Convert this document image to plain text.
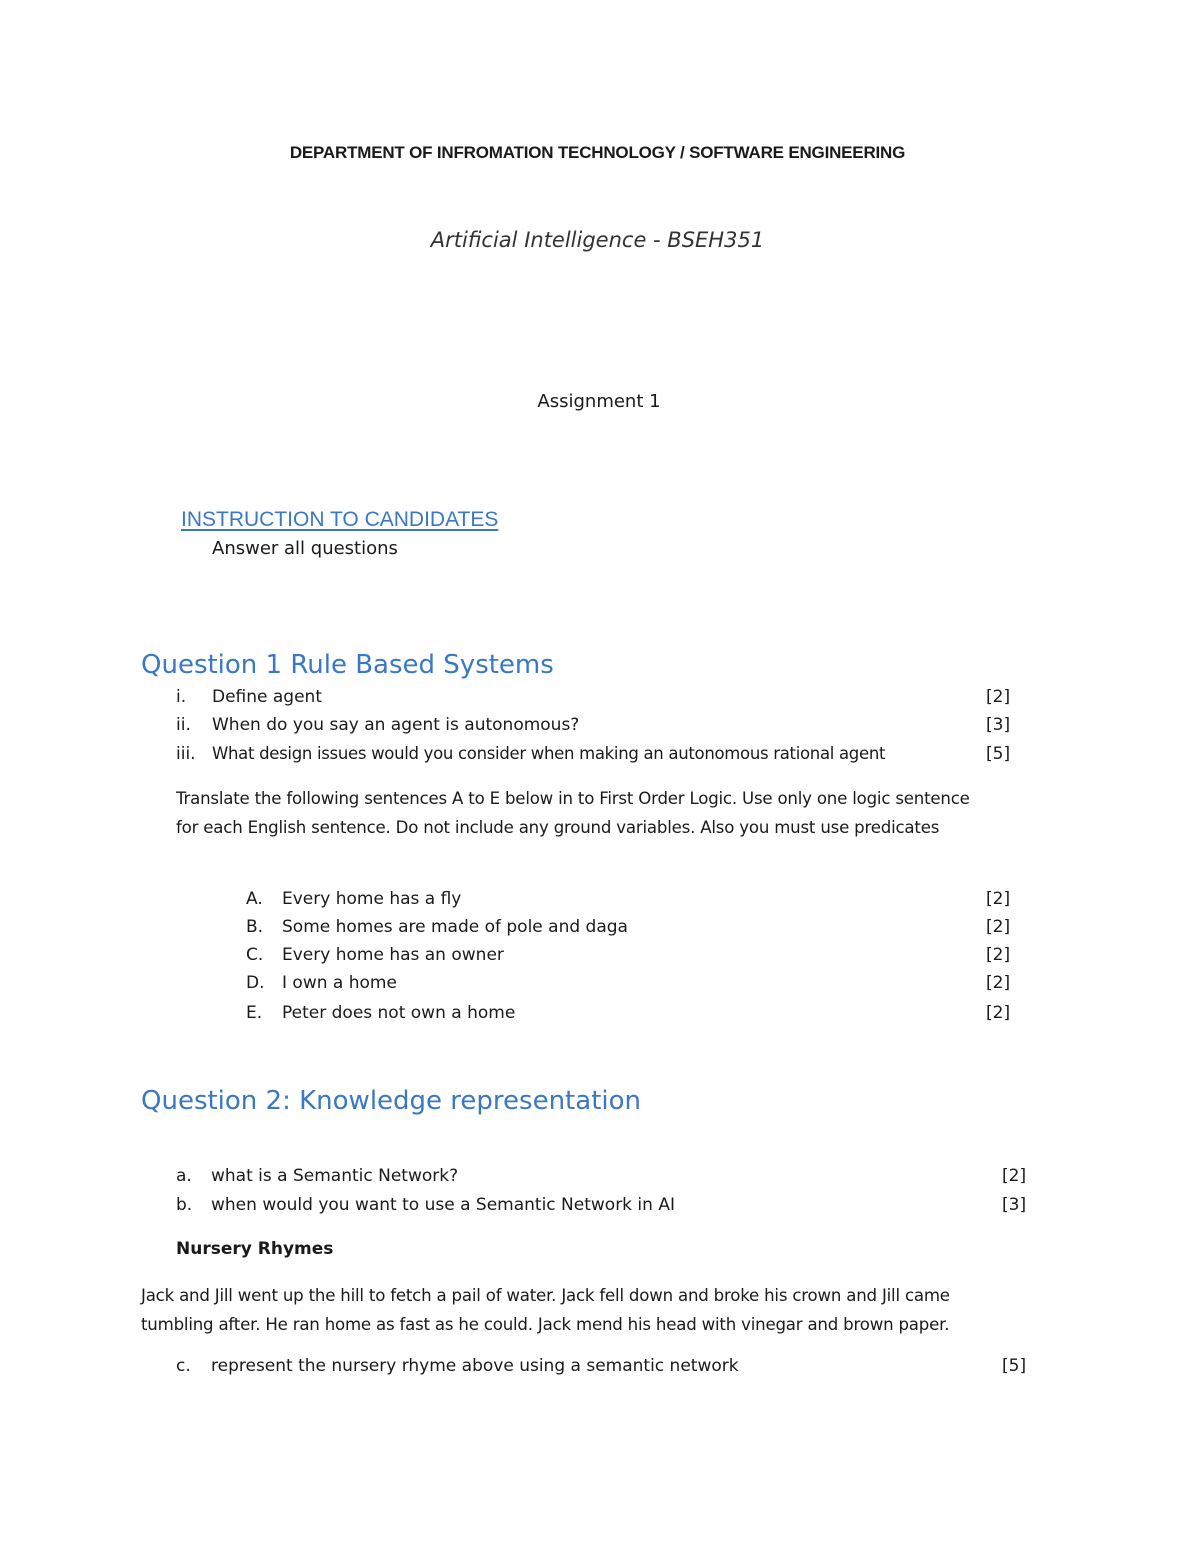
DEPARTMENT OF INFROMATION TECHNOLOGY / SOFTWARE ENGINEERING
Artificial Intelligence - BSEH351
Assignment 1
INSTRUCTION TO CANDIDATES
Answer all questions
Question 1 Rule Based Systems
i. Define agent	[2]
ii. When do you say an agent is autonomous?	[3]
iii. What design issues would you consider when making an autonomous rational agent	[5]
Translate the following sentences A to E below in to First Order Logic. Use only one logic sentence
for each English sentence. Do not include any ground variables. Also you must use predicates
A. Every home has a fly	[2]
B. Some homes are made of pole and daga	[2]
C. Every home has an owner	[2]
D. I own a home	[2]
E. Peter does not own a home	[2]
Question 2: Knowledge representation
a. what is a Semantic Network?	[2]
b. when would you want to use a Semantic Network in AI	[3]
Nursery Rhymes
Jack and Jill went up the hill to fetch a pail of water. Jack fell down and broke his crown and Jill came
tumbling after. He ran home as fast as he could. Jack mend his head with vinegar and brown paper.
c. represent the nursery rhyme above using a semantic network	[5]
